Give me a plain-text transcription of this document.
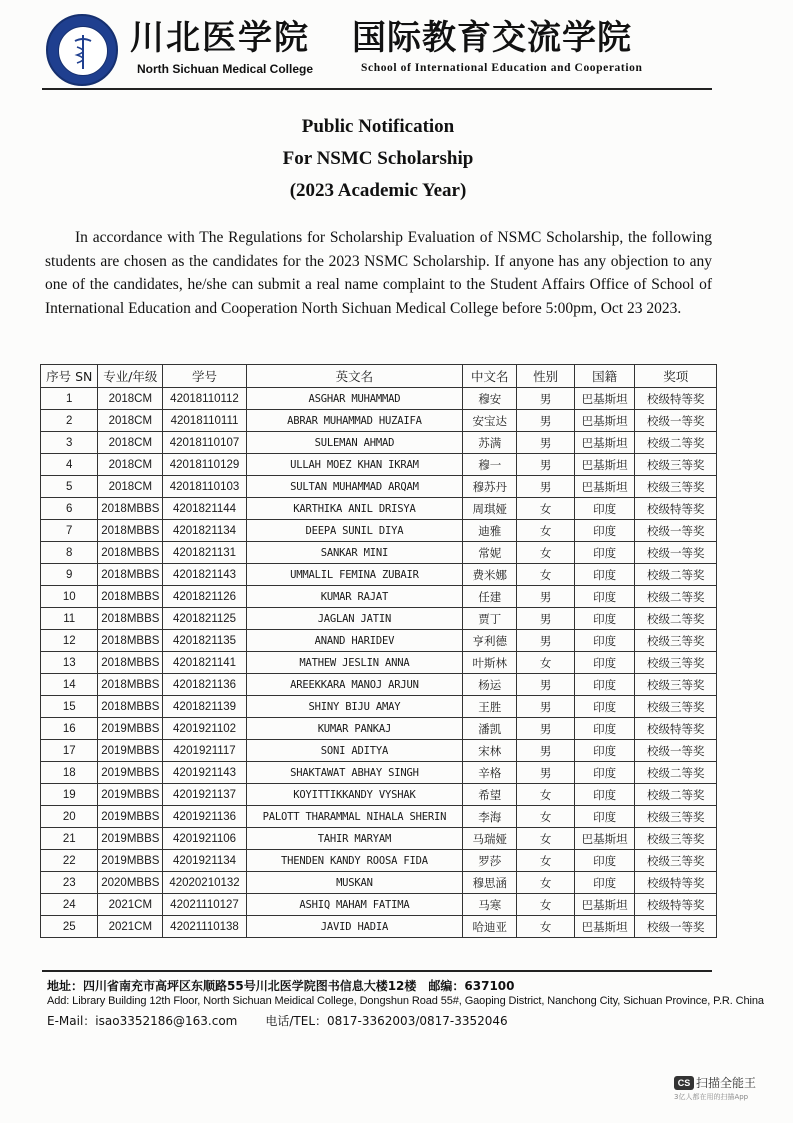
川北医学院
North Sichuan Medical College
国际教育交流学院
School of International Education and Cooperation
Public Notification
For NSMC Scholarship
(2023 Academic Year)
In accordance with The Regulations for Scholarship Evaluation of NSMC Scholarship, the following students are chosen as the candidates for the 2023 NSMC Scholarship. If anyone has any objection to any one of the candidates, he/she can submit a real name complaint to the Student Affairs Office of School of International Education and Cooperation North Sichuan Medical College before 5:00pm, Oct 23 2023.
序号 SN	专业/年级	学号	英文名	中文名	性别	国籍	奖项
1	2018CM	42018110112	ASGHAR MUHAMMAD	穆安	男	巴基斯坦	校级特等奖
2	2018CM	42018110111	ABRAR MUHAMMAD HUZAIFA	安宝达	男	巴基斯坦	校级一等奖
3	2018CM	42018110107	SULEMAN AHMAD	苏满	男	巴基斯坦	校级二等奖
4	2018CM	42018110129	ULLAH MOEZ KHAN IKRAM	穆一	男	巴基斯坦	校级三等奖
5	2018CM	42018110103	SULTAN MUHAMMAD ARQAM	穆苏丹	男	巴基斯坦	校级三等奖
6	2018MBBS	4201821144	KARTHIKA ANIL DRISYA	周琪娅	女	印度	校级特等奖
7	2018MBBS	4201821134	DEEPA SUNIL DIYA	迪雅	女	印度	校级一等奖
8	2018MBBS	4201821131	SANKAR MINI	常妮	女	印度	校级一等奖
9	2018MBBS	4201821143	UMMALIL FEMINA ZUBAIR	费米娜	女	印度	校级二等奖
10	2018MBBS	4201821126	KUMAR RAJAT	任建	男	印度	校级二等奖
11	2018MBBS	4201821125	JAGLAN JATIN	贾丁	男	印度	校级二等奖
12	2018MBBS	4201821135	ANAND HARIDEV	亨利德	男	印度	校级三等奖
13	2018MBBS	4201821141	MATHEW JESLIN ANNA	叶斯林	女	印度	校级三等奖
14	2018MBBS	4201821136	AREEKKARA MANOJ ARJUN	杨运	男	印度	校级三等奖
15	2018MBBS	4201821139	SHINY BIJU AMAY	王胜	男	印度	校级三等奖
16	2019MBBS	4201921102	KUMAR PANKAJ	潘凯	男	印度	校级特等奖
17	2019MBBS	4201921117	SONI ADITYA	宋林	男	印度	校级一等奖
18	2019MBBS	4201921143	SHAKTAWAT ABHAY SINGH	辛格	男	印度	校级二等奖
19	2019MBBS	4201921137	KOYITTIKKANDY VYSHAK	希望	女	印度	校级二等奖
20	2019MBBS	4201921136	PALOTT THARAMMAL NIHALA SHERIN	李海	女	印度	校级三等奖
21	2019MBBS	4201921106	TAHIR MARYAM	马瑞娅	女	巴基斯坦	校级三等奖
22	2019MBBS	4201921134	THENDEN KANDY ROOSA FIDA	罗莎	女	印度	校级三等奖
23	2020MBBS	42020210132	MUSKAN	穆思涵	女	印度	校级特等奖
24	2021CM	42021110127	ASHIQ MAHAM FATIMA	马寒	女	巴基斯坦	校级特等奖
25	2021CM	42021110138	JAVID HADIA	哈迪亚	女	巴基斯坦	校级一等奖
地址：四川省南充市高坪区东顺路55号川北医学院图书信息大楼12楼　邮编：637100
Add: Library Building 12th Floor, North Sichuan Meidical College, Dongshun Road 55#, Gaoping District, Nanchong City, Sichuan Province, P.R. China
E-Mail：isao3352186@163.com 电话/TEL：0817-3362003/0817-3352046
CS 扫描全能王
3亿人都在用的扫描App
